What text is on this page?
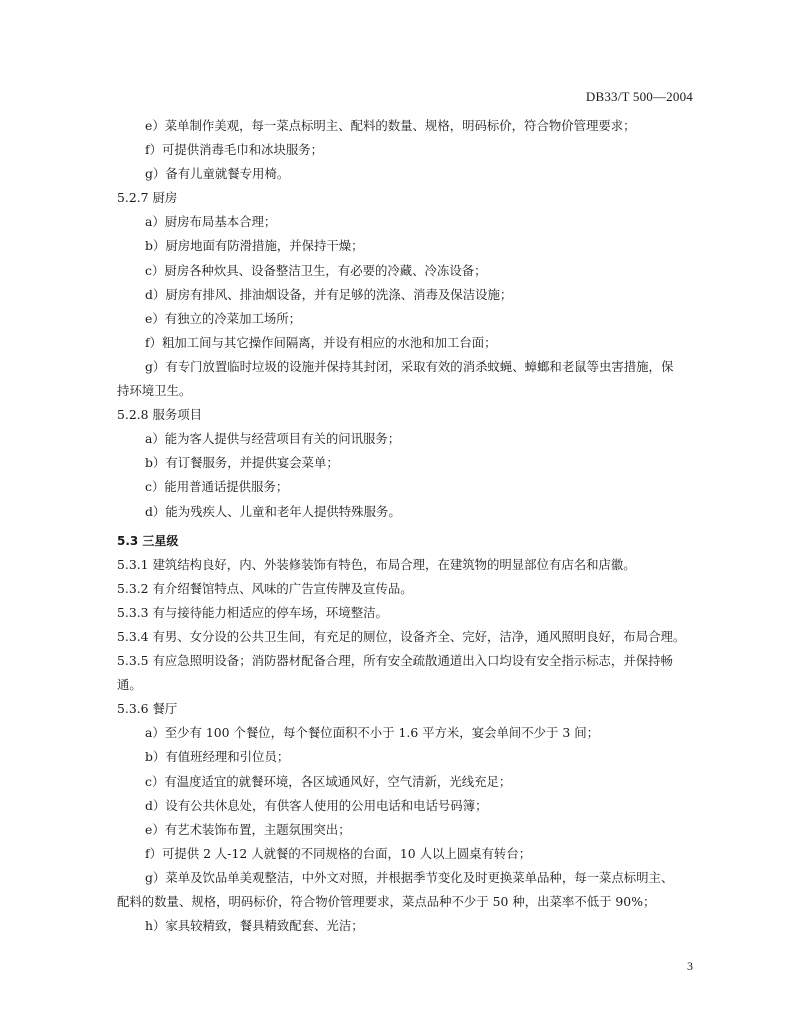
DB33/T 500—2004
e）菜单制作美观，每一菜点标明主、配料的数量、规格，明码标价，符合物价管理要求；
f）可提供消毒毛巾和冰块服务；
g）备有儿童就餐专用椅。
5.2.7 厨房
a）厨房布局基本合理；
b）厨房地面有防滑措施，并保持干燥；
c）厨房各种炊具、设备整洁卫生，有必要的冷藏、冷冻设备；
d）厨房有排风、排油烟设备，并有足够的洗涤、消毒及保洁设施；
e）有独立的冷菜加工场所；
f）粗加工间与其它操作间隔离，并设有相应的水池和加工台面；
g）有专门放置临时垃圾的设施并保持其封闭，采取有效的消杀蚊蝇、蟑螂和老鼠等虫害措施，保
持环境卫生。
5.2.8 服务项目
a）能为客人提供与经营项目有关的问讯服务；
b）有订餐服务，并提供宴会菜单；
c）能用普通话提供服务；
d）能为残疾人、儿童和老年人提供特殊服务。
5.3 三星级
5.3.1 建筑结构良好，内、外装修装饰有特色，布局合理，在建筑物的明显部位有店名和店徽。
5.3.2 有介绍餐馆特点、风味的广告宣传牌及宣传品。
5.3.3 有与接待能力相适应的停车场，环境整洁。
5.3.4 有男、女分设的公共卫生间，有充足的厕位，设备齐全、完好，洁净，通风照明良好，布局合理。
5.3.5 有应急照明设备；消防器材配备合理，所有安全疏散通道出入口均设有安全指示标志，并保持畅
通。
5.3.6 餐厅
a）至少有 100 个餐位，每个餐位面积不小于 1.6 平方米，宴会单间不少于 3 间；
b）有值班经理和引位员；
c）有温度适宜的就餐环境，各区域通风好，空气清新，光线充足；
d）设有公共休息处，有供客人使用的公用电话和电话号码簿；
e）有艺术装饰布置，主题氛围突出；
f）可提供 2 人-12 人就餐的不同规格的台面，10 人以上圆桌有转台；
g）菜单及饮品单美观整洁，中外文对照，并根据季节变化及时更换菜单品种，每一菜点标明主、
配料的数量、规格，明码标价，符合物价管理要求，菜点品种不少于 50 种，出菜率不低于 90%；
h）家具较精致，餐具精致配套、光洁；
3
